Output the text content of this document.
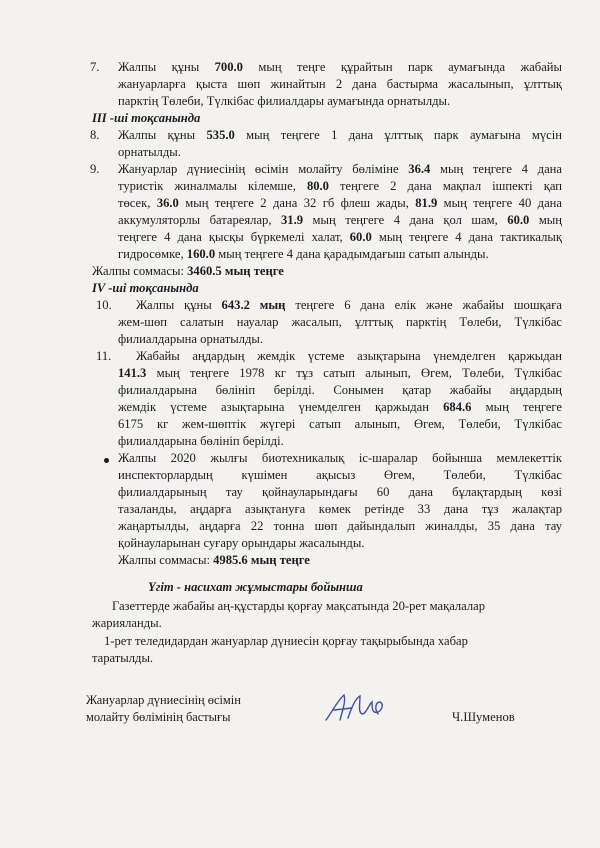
7. Жалпы құны 700.0 мың теңге құрайтын парк аумағында жабайы
жануарларға қыста шөп жинайтын 2 дана бастырма жасалынып, ұлттық
парктің Төлеби, Түлкібас филиалдары аумағында орнатылды.
III -ші тоқсанында
8. Жалпы құны 535.0 мың теңгеге 1 дана ұлттық парк аумағына мүсін
орнатылды.
9. Жануарлар дүниесінің өсімін молайту бөлімiне 36.4 мың теңгеге 4 дана
туристік жиналмалы кілемше, 80.0 теңгеге 2 дана мақпал ішпекті қап
төсек, 36.0 мың теңгеге 2 дана 32 гб флеш жады, 81.9 мың теңгеге 40 дана
аккумуляторлы батареялар, 31.9 мың теңгеге 4 дана қол шам, 60.0 мың
теңгеге 4 дана қысқы бүркемелі халат, 60.0 мың теңгеге 4 дана тактикалық
гидросөмке, 160.0 мың теңгеге 4 дана қарадымдағыш сатып алынды.
Жалпы соммасы: 3460.5 мың теңге
IV -ші тоқсанында
10. Жалпы құны 643.2 мың теңгеге 6 дана елік және жабайы шошқаға
жем-шөп салатын науалар жасалып, ұлттық парктің Төлеби, Түлкібас
филиалдарына орнатылды.
11. Жабайы аңдардың жемдік үстеме азықтарына үнемделген қаржыдан
141.3 мың теңгеге 1978 кг тұз сатып алынып, Өгем, Төлеби, Түлкібас
филиалдарына бөлініп берілді. Сонымен қатар жабайы аңдардың
жемдік үстеме азықтарына үнемделген қаржыдан 684.6 мың теңгеге
6175 кг жем-шөптік жүгері сатып алынып, Өгем, Төлеби, Түлкібас
филиалдарына бөлініп берілді.
Жалпы 2020 жылғы биотехникалық іс-шаралар бойынша мемлекеттік
инспекторлардың күшімен ақысыз Өгем, Төлеби, Түлкібас
филиалдарының тау қойнауларындағы 60 дана бұлақтардың көзі
тазаланды, аңдарға азықтануға көмек ретінде 33 дана тұз жалақтар
жаңартылды, аңдарға 22 тонна шөп дайындалып жиналды, 35 дана тау
қойнауларынан суғару орындары жасалынды.
Жалпы соммасы: 4985.6 мың теңге
Үгіт - насихат жұмыстары бойынша
Газеттерде жабайы аң-құстарды қорғау мақсатында 20-рет мақалалар
жарияланды.
1-рет теледидардан жануарлар дүниесін қорғау тақырыбында хабар
таратылды.
Жануарлар дүниесінің өсімін
молайту бөлімінің бастығы	Ч.Шуменов
